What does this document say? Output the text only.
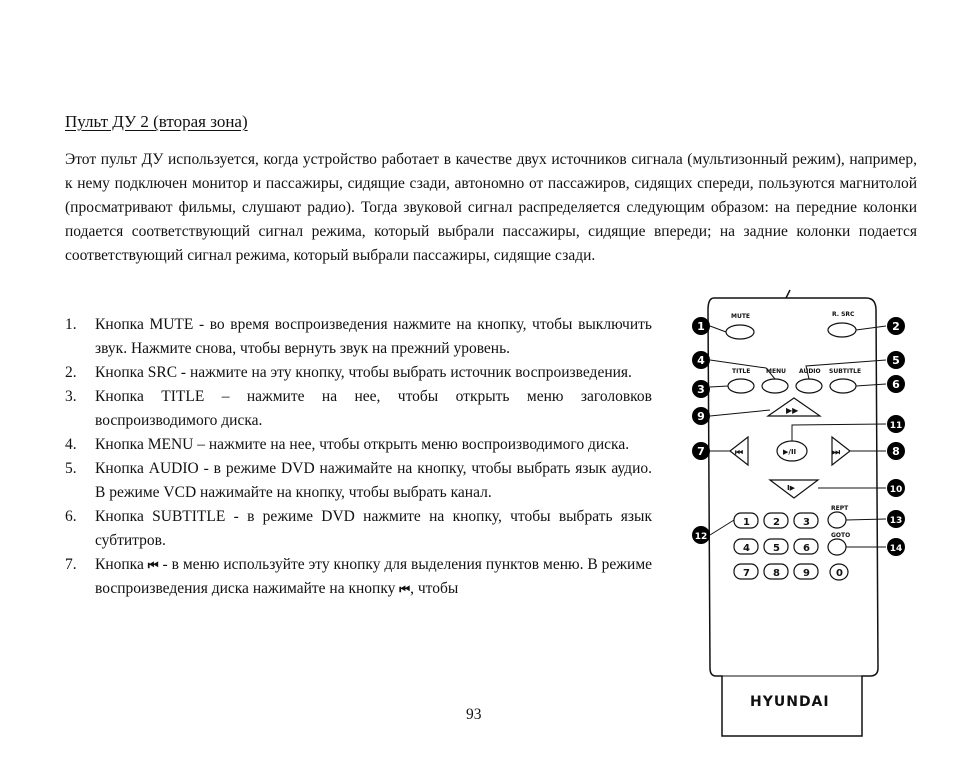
Пульт ДУ 2 (вторая зона)

Этот пульт ДУ используется, когда устройство работает в качестве двух источников сигнала (мультизонный режим), например, к нему подключен монитор и пассажиры, сидящие сзади, автономно от пассажиров, сидящих спереди, пользуются магнитолой (просматривают фильмы, слушают радио). Тогда звуковой сигнал распределяется следующим образом: на передние колонки подается соответствующий сигнал режима, который выбрали пассажиры, сидящие впереди; на задние колонки подается соответствующий сигнал режима, который выбрали пассажиры, сидящие сзади.

1. Кнопка MUTE - во время воспроизведения нажмите на кнопку, чтобы выключить звук. Нажмите снова, чтобы вернуть звук на прежний уровень.
2. Кнопка SRC - нажмите на эту кнопку, чтобы выбрать источник воспроизведения.
3. Кнопка TITLE – нажмите на нее, чтобы открыть меню заголовков воспроизводимого диска.
4. Кнопка MENU – нажмите на нее, чтобы открыть меню воспроизводимого диска.
5. Кнопка AUDIO - в режиме DVD нажимайте на кнопку, чтобы выбрать язык аудио. В режиме VCD нажимайте на кнопку, чтобы выбрать канал.
6. Кнопка SUBTITLE - в режиме DVD нажмите на кнопку, чтобы выбрать язык субтитров.
7. Кнопка ⏮ - в меню используйте эту кнопку для выделения пунктов меню. В режиме воспроизведения диска нажимайте на кнопку ⏮, чтобы
93
MUTE	R. SRC
TITLE	MENU AUDIO SUBTITLE
▶▶
⏮	⏭
▶/II
I▶
REPT
GOTO
1 2 3
4 5 6
7 8 9	0
HYUNDAI
1	2
3
4	5
6
7	8
9
10
11
12
13
14
